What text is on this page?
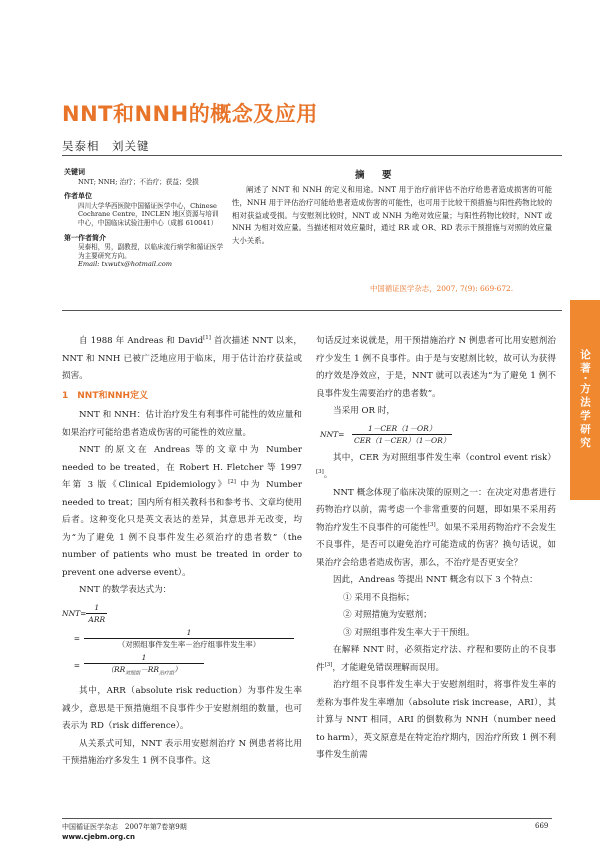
NNT和NNH的概念及应用
吴泰相　刘关键
关键词
NNT; NNH; 治疗；不治疗；获益；受损
作者单位
四川大学华西医院中国循证医学中心，Chinese Cochrane Centre，INCLEN 地区资源与培训中心，中国临床试验注册中心（成都 610041）
第一作者简介
吴泰相，男，副教授，以临床流行病学和循证医学为主要研究方向。
Email: txwutx@hotmail.com
摘　要
阐述了 NNT 和 NNH 的定义和用途。NNT 用于治疗前评估不治疗给患者造成损害的可能性，NNH 用于评估治疗可能给患者造成伤害的可能性，也可用于比较干预措施与阳性药物比较的相对获益或受损。与安慰剂比较时，NNT 或 NNH 为绝对效应量；与阳性药物比较时，NNT 或 NNH 为相对效应量。当描述相对效应量时，通过 RR 或 OR、RD 表示干预措施与对照的效应量大小关系。
中国循证医学杂志，2007, 7(9): 669-672.
论著·方法学研究
自 1988 年 Andreas 和 David[1] 首次描述 NNT 以来，NNT 和 NNH 已被广泛地应用于临床，用于估计治疗获益或损害。
1　NNT和NNH定义
NNT 和 NNH：估计治疗发生有利事件可能性的效应量和如果治疗可能给患者造成伤害的可能性的效应量。
NNT 的原文在 Andreas 等的文章中为 Number needed to be treated，在 Robert H. Fletcher 等 1997 年第 3 版《Clinical Epidemiology》[2] 中为 Number needed to treat；国内所有相关教科书和参考书、文章均使用后者。这种变化只是英文表达的差异，其意思并无改变，均为“为了避免 1 例不良事件发生必须治疗的患者数”（the number of patients who must be treated in order to prevent one adverse event）。
NNT 的数学表达式为：
$NNT= \frac{1}{\text{ARR}}$
= $\frac{1}{\text{（对照组事件发生率－治疗组事件发生率）}}$
= $\frac{1}{(RR_{对照组}-RR_{治疗组})}$
其中，ARR（absolute risk reduction）为事件发生率减少，意思是干预措施组不良事件少于安慰剂组的数量，也可表示为 RD（risk difference）。
从关系式可知，NNT 表示用安慰剂治疗 N 例患者将比用干预措施治疗多发生 1 例不良事件。这
句话反过来说就是，用干预措施治疗 N 例患者可比用安慰剂治疗少发生 1 例不良事件。由于是与安慰剂比较，故可认为获得的疗效是净效应，于是，NNT 就可以表述为“为了避免 1 例不良事件发生需要治疗的患者数”。
当采用 OR 时，
NNT=	$\frac{\text{1－CER（1－OR）}}{\text{CER（1－CER）（1－OR）}}$
其中，CER 为对照组事件发生率（control event risk）[3]。
NNT 概念体现了临床决策的原则之一：在决定对患者进行药物治疗以前，需考虑一个非常重要的问题，即如果不采用药物治疗发生不良事件的可能性[3]。如果不采用药物治疗不会发生不良事件，是否可以避免治疗可能造成的伤害？换句话说，如果治疗会给患者造成伤害，那么，不治疗是否更安全？
因此，Andreas 等提出 NNT 概念有以下 3 个特点：
① 采用不良指标；
② 对照措施为安慰剂；
③ 对照组事件发生率大于干预组。
在解释 NNT 时，必须指定疗法、疗程和要防止的不良事件[3]，才能避免错误理解而误用。
治疗组不良事件发生率大于安慰剂组时，将事件发生率的差称为事件发生率增加（absolute risk increase，ARI），其计算与 NNT 相同，ARI 的倒数称为 NNH（number need to harm），英文原意是在特定治疗期内，因治疗所致 1 例不利事件发生前需
中国循证医学杂志　2007年第7卷第9期
www.cjebm.org.cn
669
